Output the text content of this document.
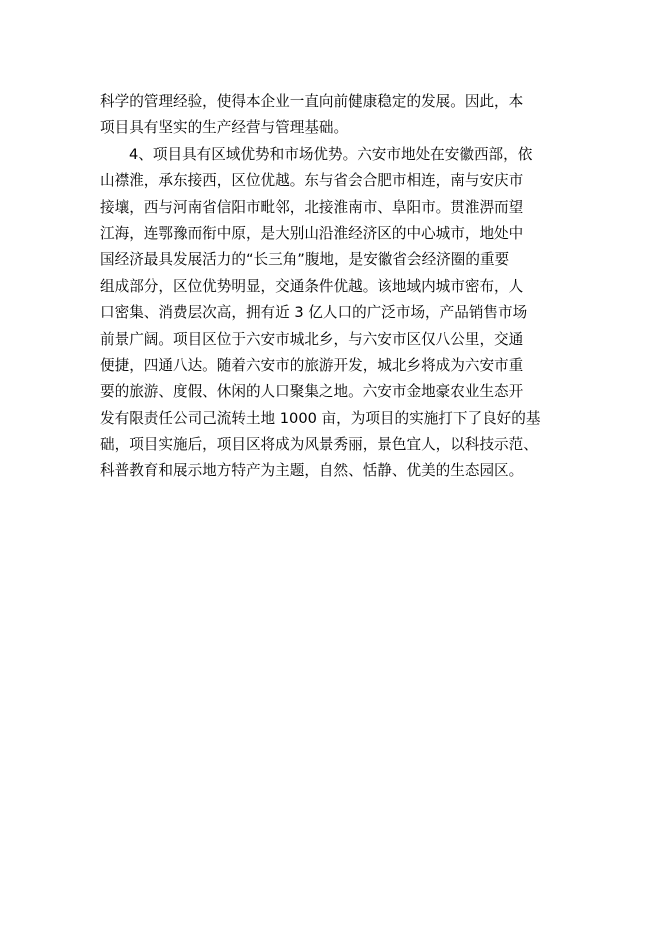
科学的管理经验，使得本企业一直向前健康稳定的发展。因此，本
项目具有坚实的生产经营与管理基础。
4、项目具有区域优势和市场优势。六安市地处在安徽西部，依
山襟淮，承东接西，区位优越。东与省会合肥市相连，南与安庆市
接壤，西与河南省信阳市毗邻，北接淮南市、阜阳市。贯淮淠而望
江海，连鄂豫而衔中原，是大别山沿淮经济区的中心城市，地处中
国经济最具发展活力的“长三角”腹地，是安徽省会经济圈的重要
组成部分，区位优势明显，交通条件优越。该地域内城市密布，人
口密集、消费层次高，拥有近 3 亿人口的广泛市场，产品销售市场
前景广阔。项目区位于六安市城北乡，与六安市区仅八公里，交通
便捷，四通八达。随着六安市的旅游开发，城北乡将成为六安市重
要的旅游、度假、休闲的人口聚集之地。六安市金地豪农业生态开
发有限责任公司己流转土地 1000 亩，为项目的实施打下了良好的基
础，项目实施后，项目区将成为风景秀丽，景色宜人，以科技示范、
科普教育和展示地方特产为主题，自然、恬静、优美的生态园区。
